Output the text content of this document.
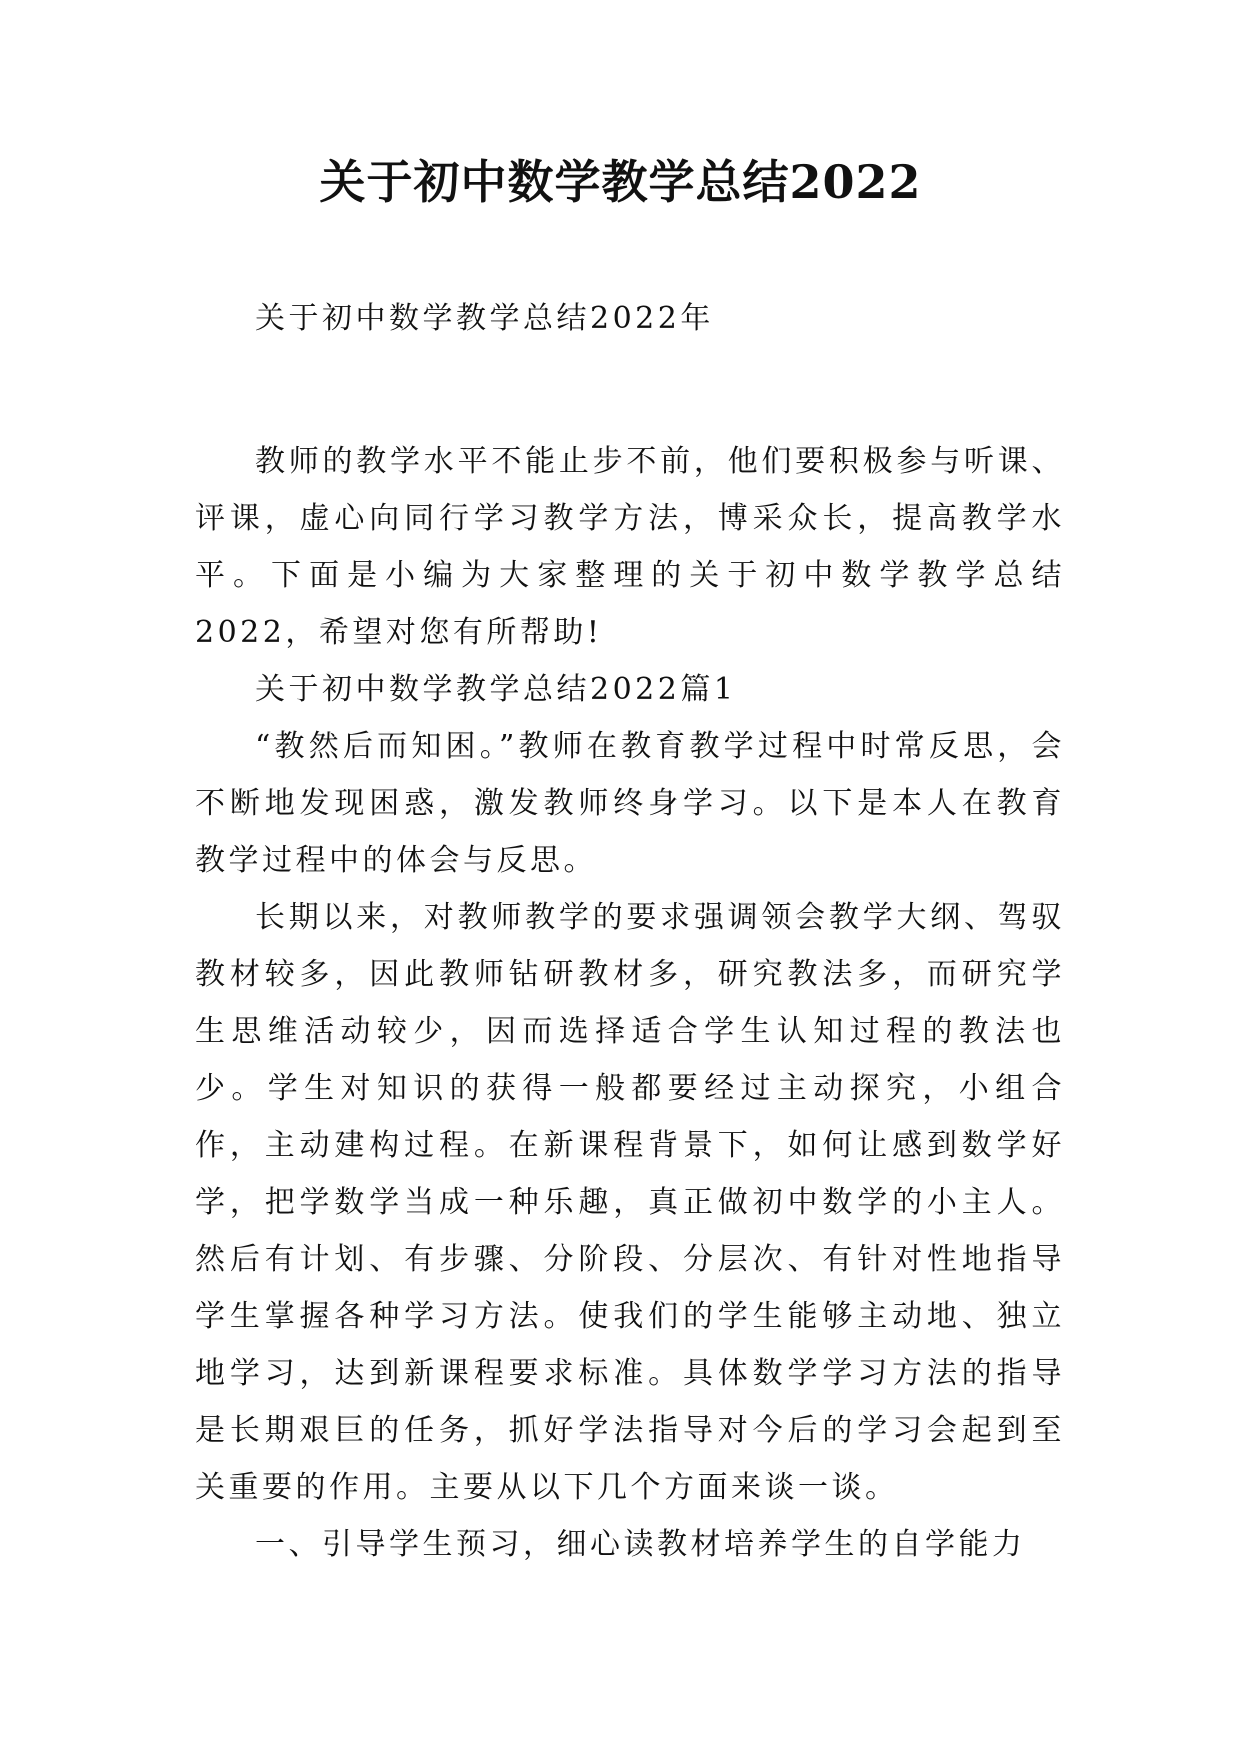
关于初中数学教学总结2022

关于初中数学教学总结2022年

教师的教学水平不能止步不前，他们要积极参与听课、评课，虚心向同行学习教学方法，博采众长，提高教学水平。下面是小编为大家整理的关于初中数学教学总结2022，希望对您有所帮助!

关于初中数学教学总结2022篇1

“教然后而知困。”教师在教育教学过程中时常反思，会不断地发现困惑，激发教师终身学习。以下是本人在教育教学过程中的体会与反思。

长期以来，对教师教学的要求强调领会教学大纲、驾驭教材较多，因此教师钻研教材多，研究教法多，而研究学生思维活动较少，因而选择适合学生认知过程的教法也少。学生对知识的获得一般都要经过主动探究，小组合作，主动建构过程。在新课程背景下，如何让感到数学好学，把学数学当成一种乐趣，真正做初中数学的小主人。然后有计划、有步骤、分阶段、分层次、有针对性地指导学生掌握各种学习方法。使我们的学生能够主动地、独立地学习，达到新课程要求标准。具体数学学习方法的指导是长期艰巨的任务，抓好学法指导对今后的学习会起到至关重要的作用。主要从以下几个方面来谈一谈。

一、引导学生预习，细心读教材培养学生的自学能力
